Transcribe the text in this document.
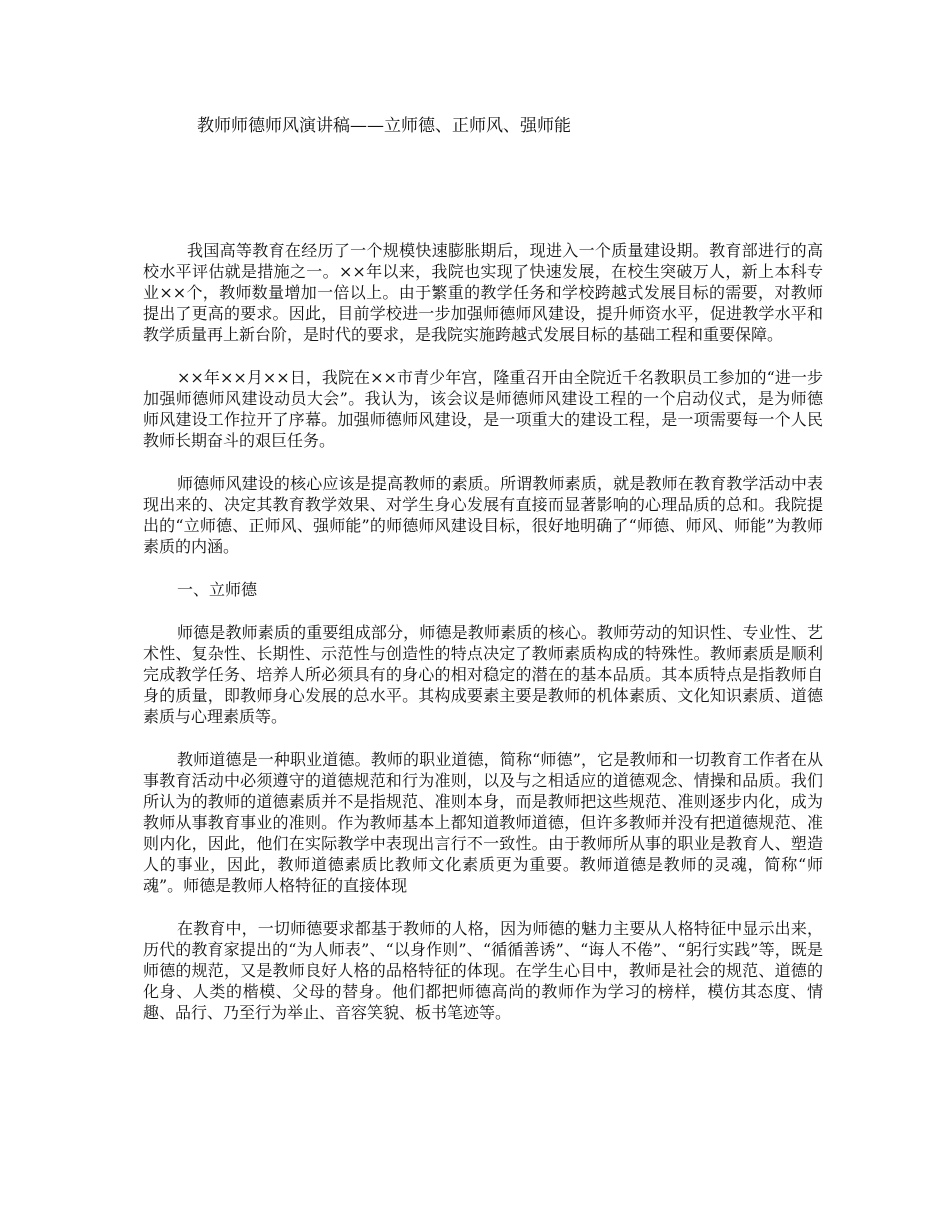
教师师德师风演讲稿——立师德、正师风、强师能

我国高等教育在经历了一个规模快速膨胀期后，现进入一个质量建设期。教育部进行的高校水平评估就是措施之一。××年以来，我院也实现了快速发展，在校生突破万人，新上本科专业××个，教师数量增加一倍以上。由于繁重的教学任务和学校跨越式发展目标的需要，对教师提出了更高的要求。因此，目前学校进一步加强师德师风建设，提升师资水平，促进教学水平和教学质量再上新台阶，是时代的要求，是我院实施跨越式发展目标的基础工程和重要保障。

××年××月××日，我院在××市青少年宫，隆重召开由全院近千名教职员工参加的“进一步加强师德师风建设动员大会”。我认为，该会议是师德师风建设工程的一个启动仪式，是为师德师风建设工作拉开了序幕。加强师德师风建设，是一项重大的建设工程，是一项需要每一个人民教师长期奋斗的艰巨任务。

师德师风建设的核心应该是提高教师的素质。所谓教师素质，就是教师在教育教学活动中表现出来的、决定其教育教学效果、对学生身心发展有直接而显著影响的心理品质的总和。我院提出的“立师德、正师风、强师能”的师德师风建设目标，很好地明确了“师德、师风、师能”为教师素质的内涵。

一、立师德

师德是教师素质的重要组成部分，师德是教师素质的核心。教师劳动的知识性、专业性、艺术性、复杂性、长期性、示范性与创造性的特点决定了教师素质构成的特殊性。教师素质是顺利完成教学任务、培养人所必须具有的身心的相对稳定的潜在的基本品质。其本质特点是指教师自身的质量，即教师身心发展的总水平。其构成要素主要是教师的机体素质、文化知识素质、道德素质与心理素质等。

教师道德是一种职业道德。教师的职业道德，简称“师德”，它是教师和一切教育工作者在从事教育活动中必须遵守的道德规范和行为准则，以及与之相适应的道德观念、情操和品质。我们所认为的教师的道德素质并不是指规范、准则本身，而是教师把这些规范、准则逐步内化，成为教师从事教育事业的准则。作为教师基本上都知道教师道德，但许多教师并没有把道德规范、准则内化，因此，他们在实际教学中表现出言行不一致性。由于教师所从事的职业是教育人、塑造人的事业，因此，教师道德素质比教师文化素质更为重要。教师道德是教师的灵魂，简称“师魂”。师德是教师人格特征的直接体现

在教育中，一切师德要求都基于教师的人格，因为师德的魅力主要从人格特征中显示出来，历代的教育家提出的“为人师表”、“以身作则”、“循循善诱”、“诲人不倦”、“躬行实践”等，既是师德的规范，又是教师良好人格的品格特征的体现。在学生心目中，教师是社会的规范、道德的化身、人类的楷模、父母的替身。他们都把师德高尚的教师作为学习的榜样，模仿其态度、情趣、品行、乃至行为举止、音容笑貌、板书笔迹等。
